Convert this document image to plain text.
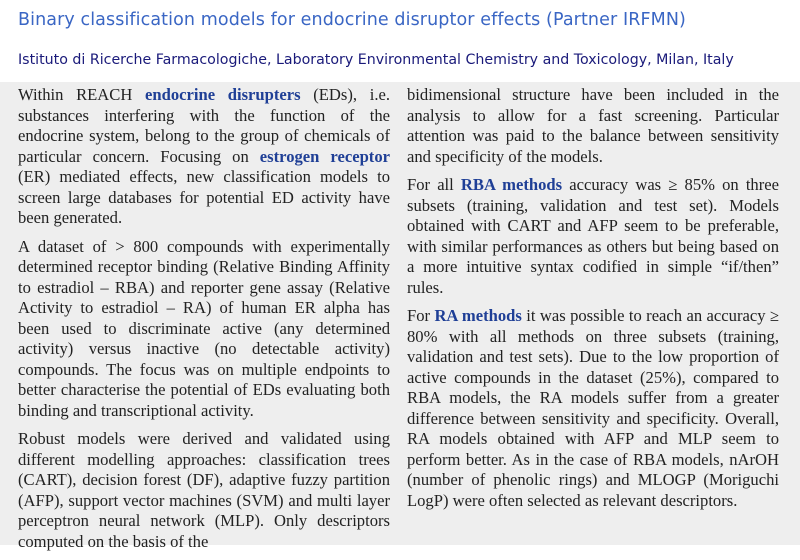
Binary classification models for endocrine disruptor effects (Partner IRFMN)
Istituto di Ricerche Farmacologiche, Laboratory Environmental Chemistry and Toxicology, Milan, Italy

Within REACH endocrine disrupters (EDs), i.e. substances interfering with the function of the endocrine system, belong to the group of chemicals of particular concern. Focusing on estrogen receptor (ER) mediated effects, new classification models to screen large databases for potential ED activity have been generated.

A dataset of > 800 compounds with experimentally determined receptor binding (Relative Binding Affinity to estradiol – RBA) and reporter gene assay (Relative Activity to estradiol – RA) of human ER alpha has been used to discriminate active (any determined activity) versus inactive (no detectable activity) compounds. The focus was on multiple endpoints to better characterise the potential of EDs evaluating both binding and transcriptional activity.

Robust models were derived and validated using different modelling approaches: classification trees (CART), decision forest (DF), adaptive fuzzy partition (AFP), support vector machines (SVM) and multi layer perceptron neural network (MLP). Only descriptors computed on the basis of the

bidimensional structure have been included in the analysis to allow for a fast screening. Particular attention was paid to the balance between sensitivity and specificity of the models.

For all RBA methods accuracy was ≥ 85% on three subsets (training, validation and test set). Models obtained with CART and AFP seem to be preferable, with similar performances as others but being based on a more intuitive syntax codified in simple “if/then” rules.

For RA methods it was possible to reach an accuracy ≥ 80% with all methods on three subsets (training, validation and test sets). Due to the low proportion of active compounds in the dataset (25%), compared to RBA models, the RA models suffer from a greater difference between sensitivity and specificity. Overall, RA models obtained with AFP and MLP seem to perform better. As in the case of RBA models, nArOH (number of phenolic rings) and MLOGP (Moriguchi LogP) were often selected as relevant descriptors.
